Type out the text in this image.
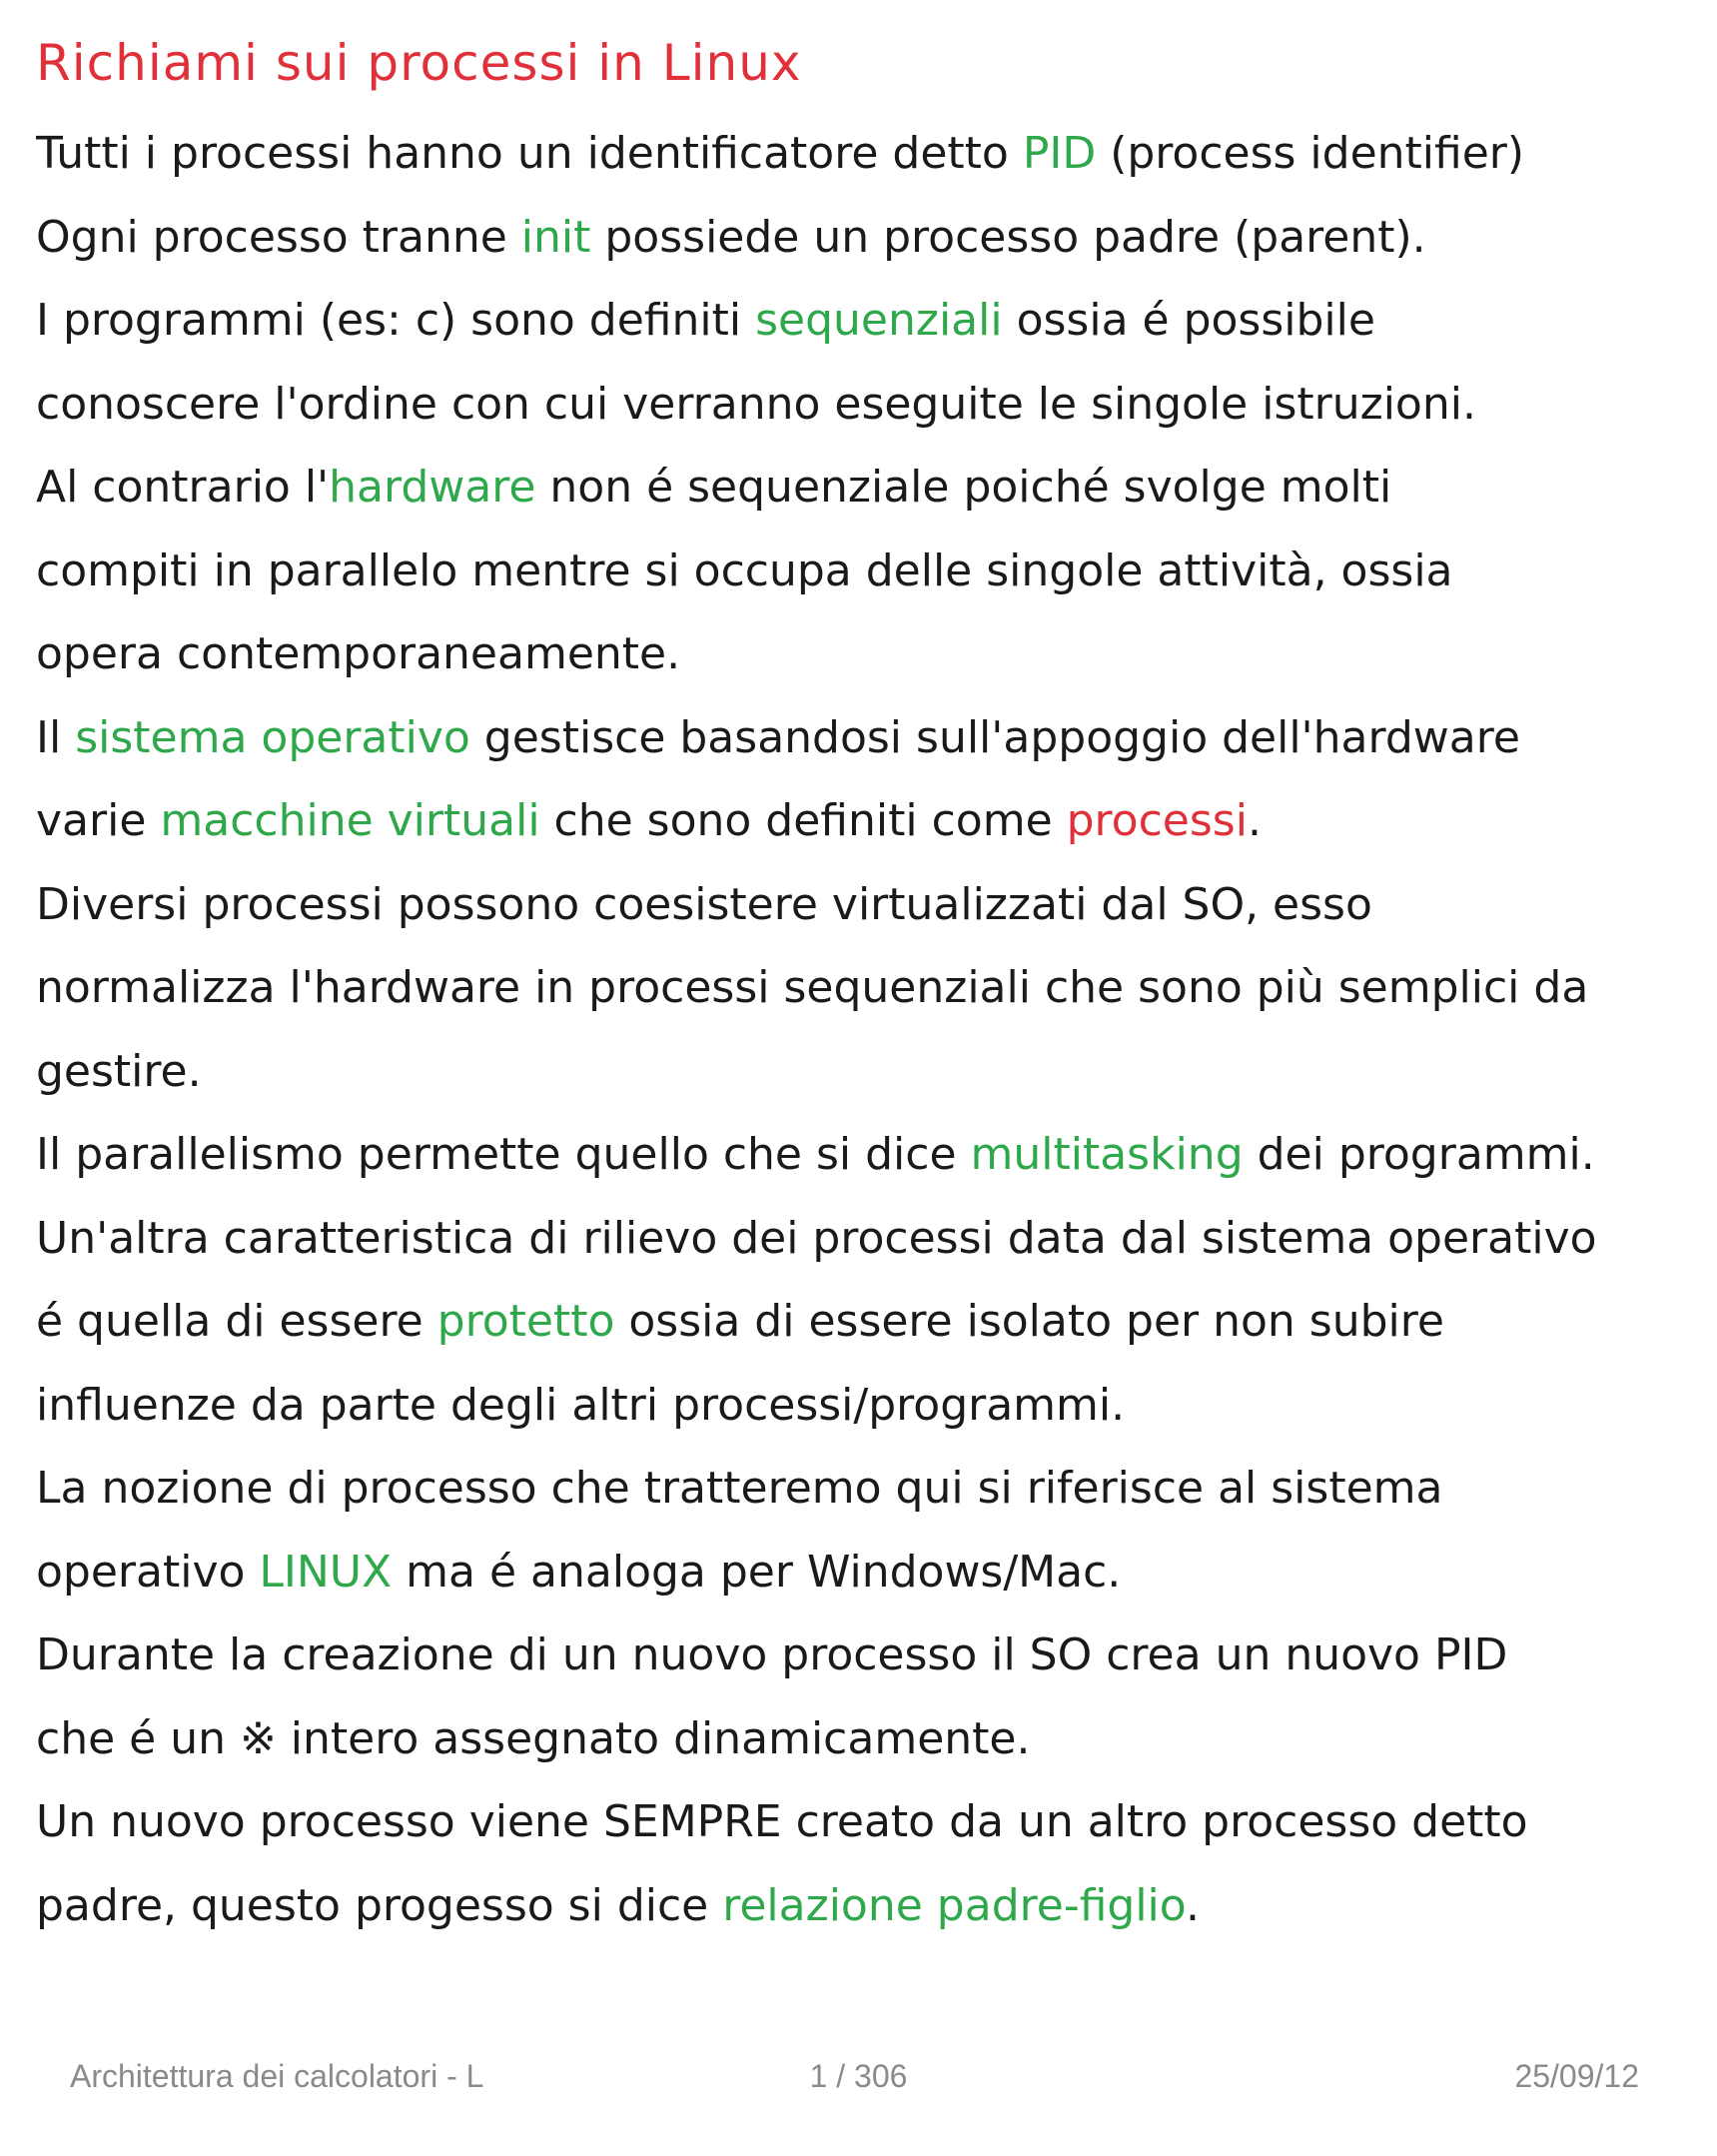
Richiami sui processi in Linux
Tutti i processi hanno un identificatore detto PID (process identifier)
Ogni processo tranne init possiede un processo padre (parent).
I programmi (es: c) sono definiti sequenziali ossia é possibile
conoscere l'ordine con cui verranno eseguite le singole istruzioni.
Al contrario l'hardware non é sequenziale poiché svolge molti
compiti in parallelo mentre si occupa delle singole attività, ossia
opera contemporaneamente.
Il sistema operativo gestisce basandosi sull'appoggio dell'hardware
varie macchine virtuali che sono definiti come processi.
Diversi processi possono coesistere virtualizzati dal SO, esso
normalizza l'hardware in processi sequenziali che sono più semplici da
gestire.
Il parallelismo permette quello che si dice multitasking dei programmi.
Un'altra caratteristica di rilievo dei processi data dal sistema operativo
é quella di essere protetto ossia di essere isolato per non subire
influenze da parte degli altri processi/programmi.
La nozione di processo che tratteremo qui si riferisce al sistema
operativo LINUX ma é analoga per Windows/Mac.
Durante la creazione di un nuovo processo il SO crea un nuovo PID
che é un ※ intero assegnato dinamicamente.
Un nuovo processo viene SEMPRE creato da un altro processo detto
padre, questo progesso si dice relazione padre-figlio.
Architettura dei calcolatori - L	1 / 306	25/09/12
